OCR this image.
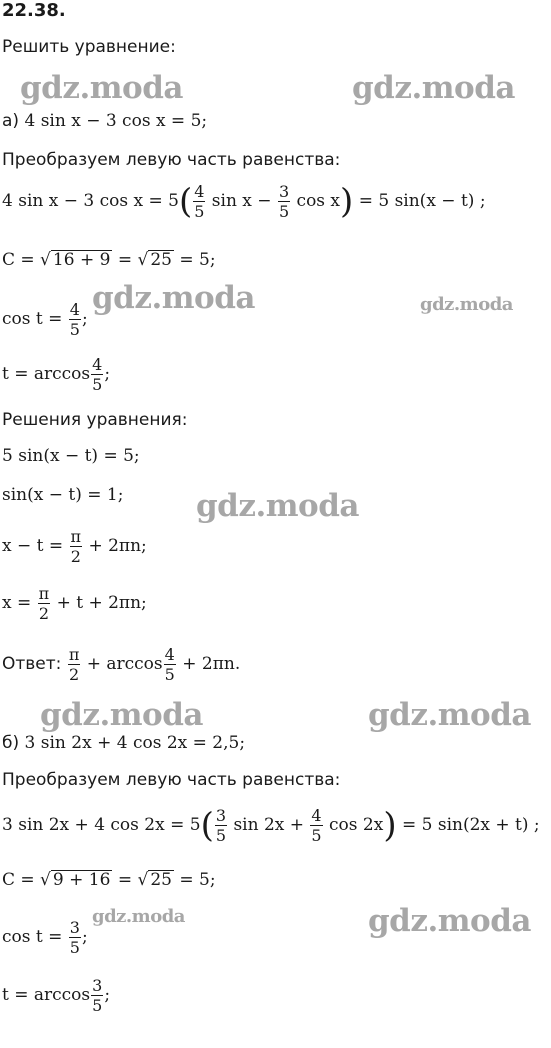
22.38.
Решить уравнение:
а) 4 sin x − 3 cos x = 5;
Преобразуем левую часть равенства:
4 sin x − 3 $\cos x = 5( \frac{4}{5}$ $\sin x - \frac{3}{5}$ cos x) = 5 sin(x − t) ;
C = √ 16 + 9 = √ 25 = 5;
$\cos t = \frac{4}{5}$ ;
$t = \arccos \frac{4}{5}$ ;
Решения уравнения:
5 sin(x − t) = 5;
sin(x − t) = 1;
$x - t = \frac{\pi}{2} + 2\pi n$;
$x = \frac{\pi}{2} + t + 2\pi n$;
Ответ: $\frac{\pi}{2} + \arccos \frac{4}{5} + 2\pi n$.
б) 3 sin 2x + 4 cos 2x = 2,5;
Преобразуем левую часть равенства:
3 sin 2x + 4 $\cos 2x = 5( \frac{3}{5}$ $\sin 2x + \frac{4}{5}$ cos 2x) = 5 sin(2x + t) ;
C = √ 9 + 16 = √ 25 = 5;
$\cos t = \frac{3}{5}$ ;
$t = \arccos \frac{3}{5}$ ;
gdz.moda	gdz.moda
gdz.moda	gdz.moda
gdz.moda
gdz.moda	gdz.moda
gdz.moda	gdz.moda
